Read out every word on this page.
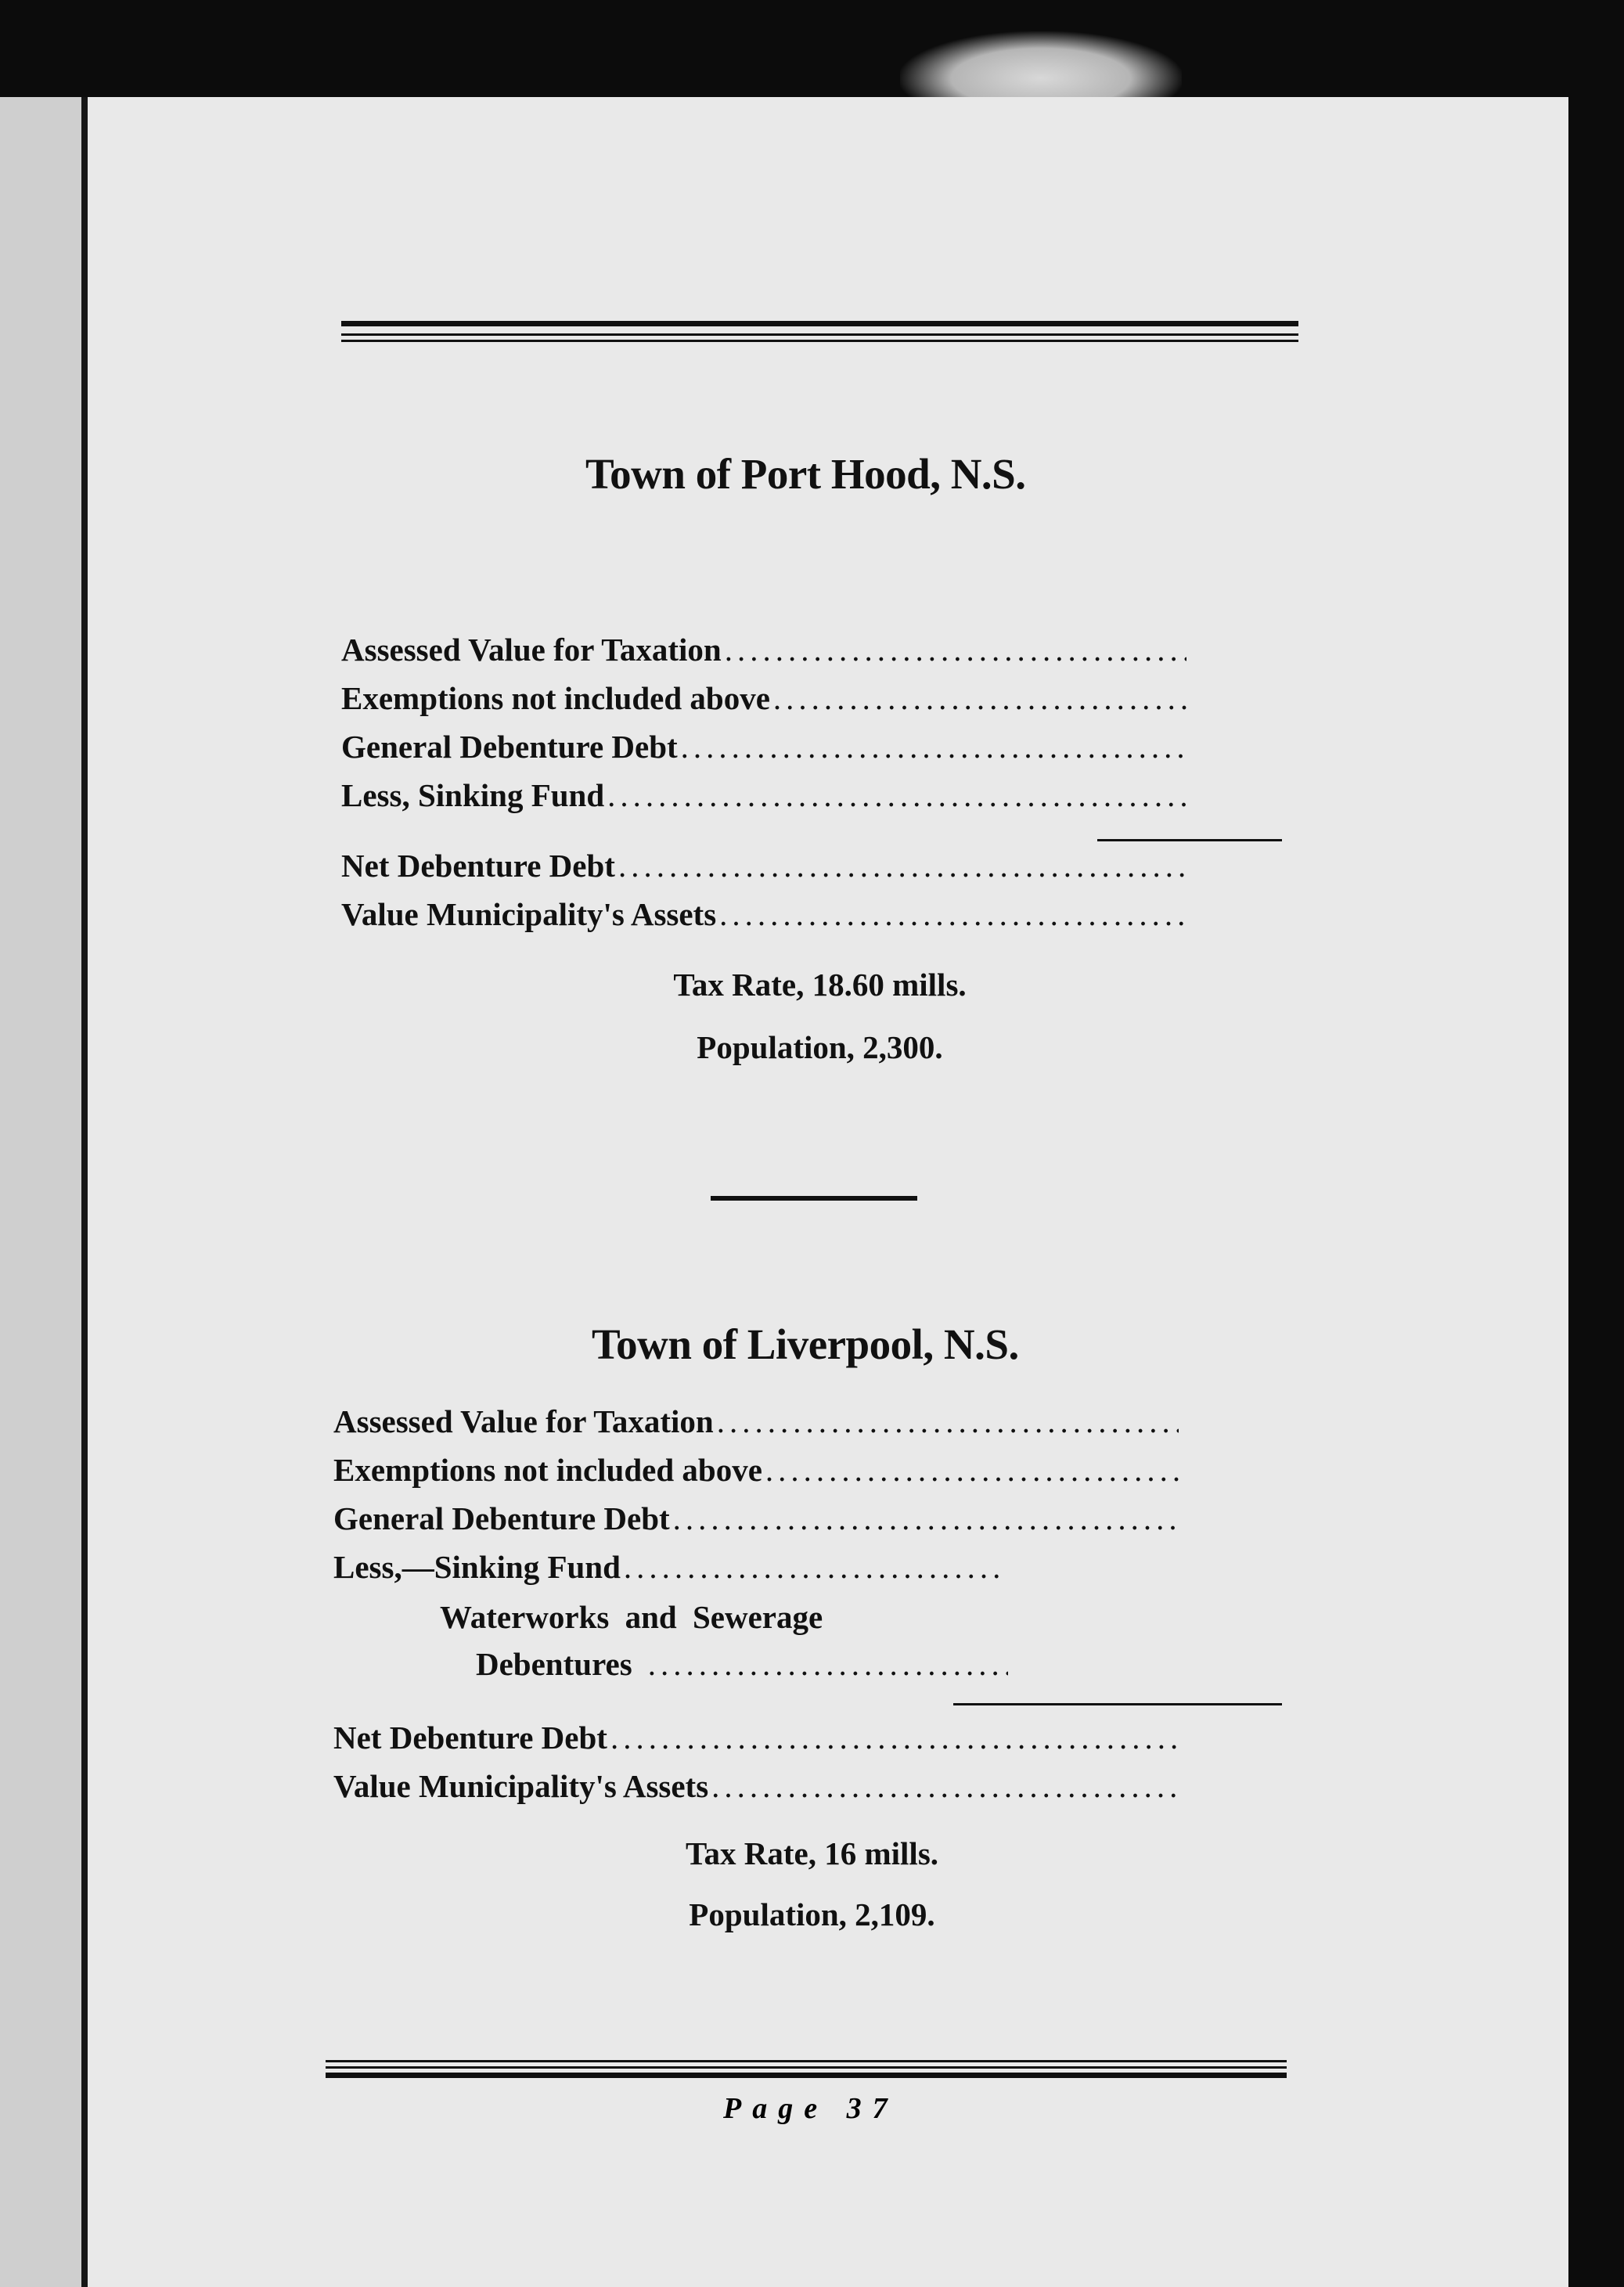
Town of Port Hood, N.S.
Assessed Value for Taxation
.....
Exemptions not included above
.....
General Debenture Debt
.....
Less, Sinking Fund
.....
Net Debenture Debt
.....
Value Municipality's Assets
.....
Tax Rate, 18.60 mills.
Population, 2,300.
Town of Liverpool, N.S.
Assessed Value for Taxation
.....
Exemptions not included above
.....
General Debenture Debt
.....
Less,—Sinking Fund
.....
Waterworks and Sewerage
Debentures
.....
Net Debenture Debt
.....
Value Municipality's Assets
.....
Tax Rate, 16 mills.
Population, 2,109.
Page 37
